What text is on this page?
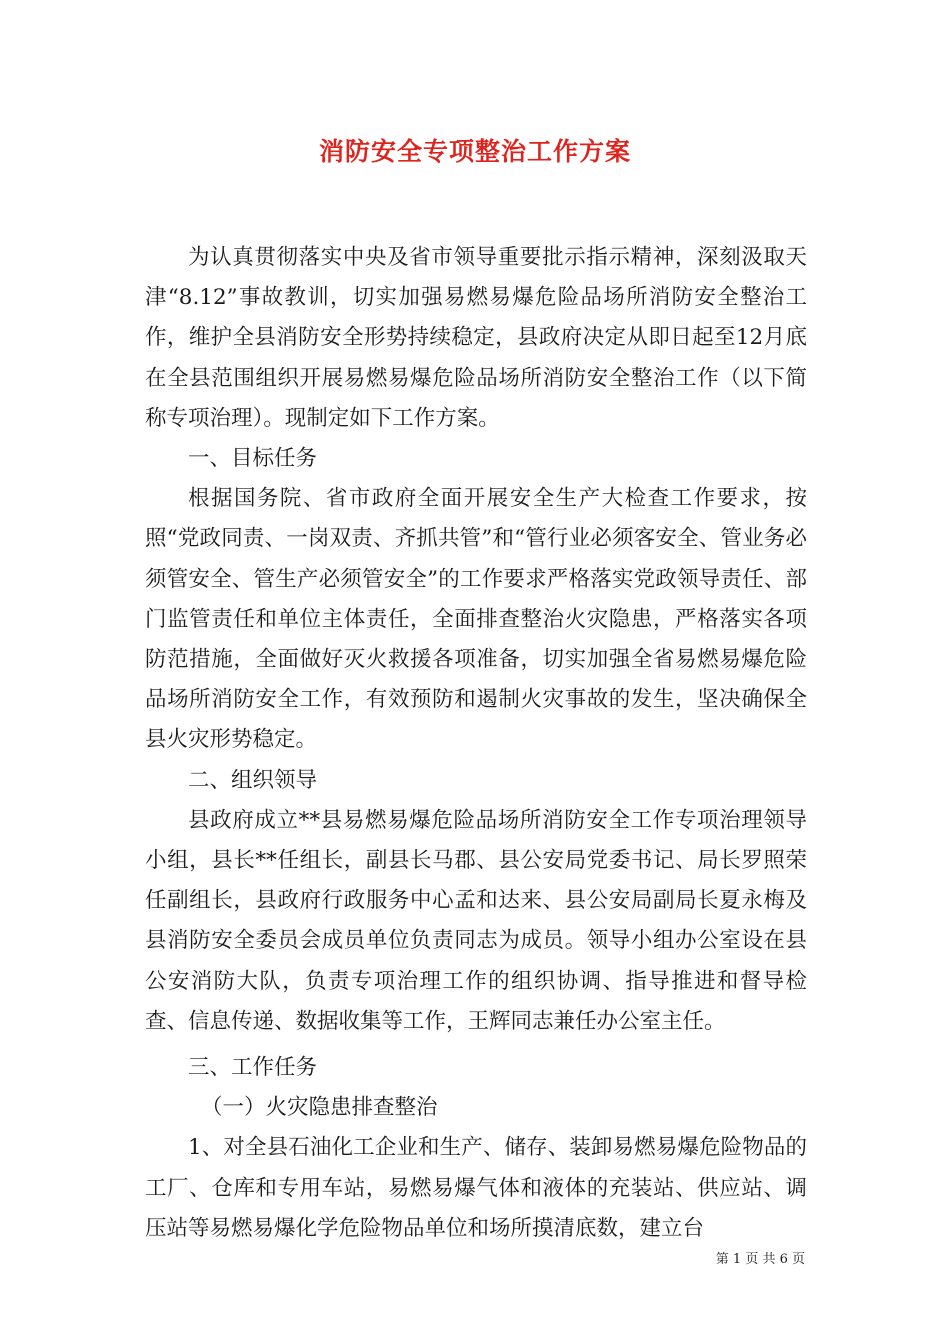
消防安全专项整治工作方案

为认真贯彻落实中央及省市领导重要批示指示精神，深刻汲取天津“8.12”事故教训，切实加强易燃易爆危险品场所消防安全整治工作，维护全县消防安全形势持续稳定，县政府决定从即日起至12月底在全县范围组织开展易燃易爆危险品场所消防安全整治工作（以下简称专项治理）。现制定如下工作方案。

一、目标任务

根据国务院、省市政府全面开展安全生产大检查工作要求，按照“党政同责、一岗双责、齐抓共管”和“管行业必须客安全、管业务必须管安全、管生产必须管安全”的工作要求严格落实党政领导责任、部门监管责任和单位主体责任，全面排查整治火灾隐患，严格落实各项防范措施，全面做好灭火救援各项准备，切实加强全省易燃易爆危险品场所消防安全工作，有效预防和遏制火灾事故的发生，坚决确保全县火灾形势稳定。

二、组织领导

县政府成立**县易燃易爆危险品场所消防安全工作专项治理领导小组，县长**任组长，副县长马郡、县公安局党委书记、局长罗照荣任副组长，县政府行政服务中心孟和达来、县公安局副局长夏永梅及县消防安全委员会成员单位负责同志为成员。领导小组办公室设在县公安消防大队，负责专项治理工作的组织协调、指导推进和督导检查、信息传递、数据收集等工作，王辉同志兼任办公室主任。

三、工作任务

（一）火灾隐患排查整治

1、对全县石油化工企业和生产、储存、装卸易燃易爆危险物品的工厂、仓库和专用车站，易燃易爆气体和液体的充装站、供应站、调压站等易燃易爆化学危险物品单位和场所摸清底数，建立台

第 1 页 共 6 页
